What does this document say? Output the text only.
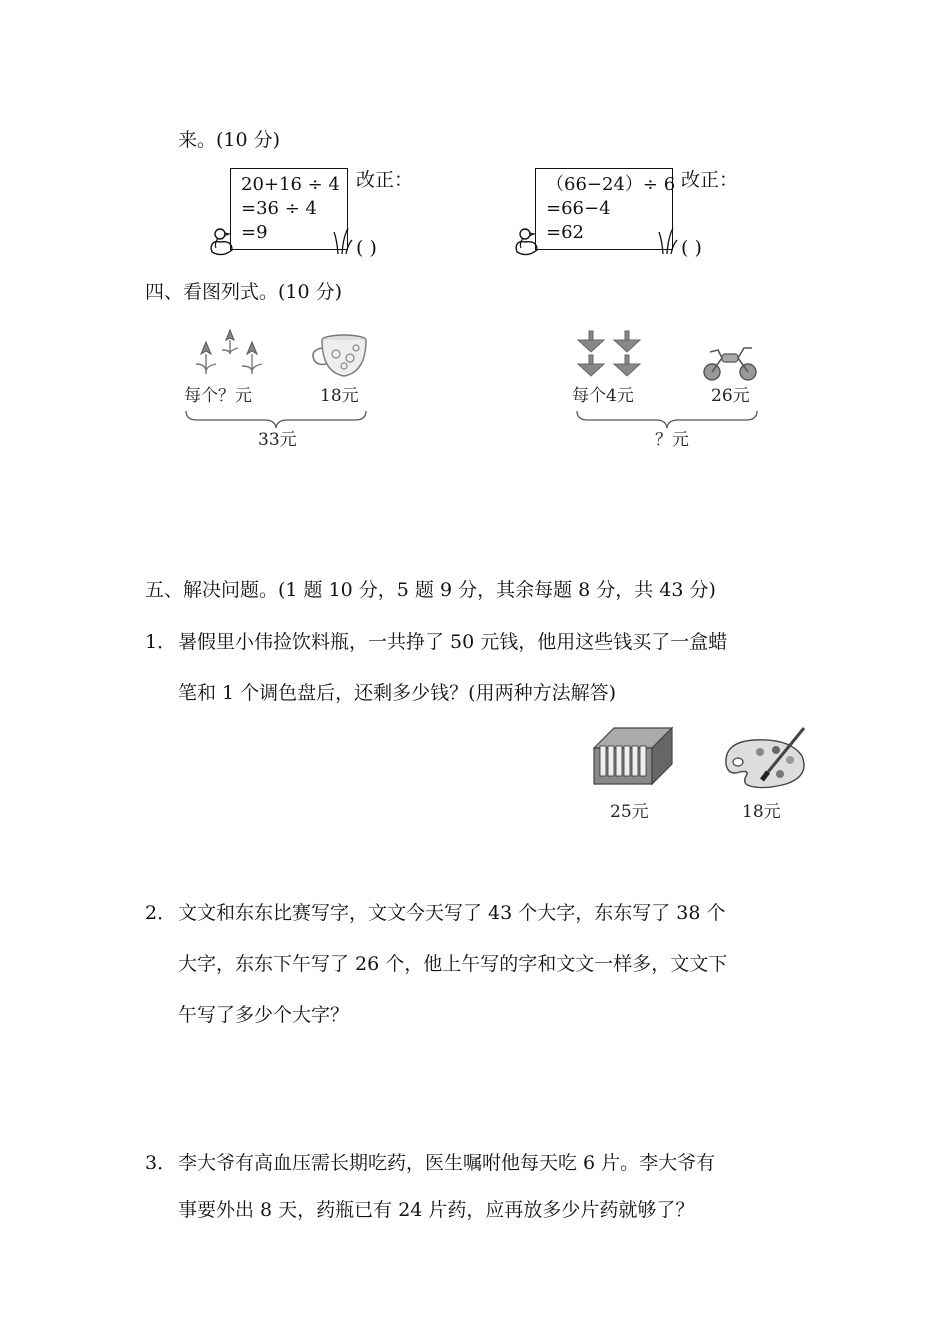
来。(10 分)
20+16 ÷ 4
=36 ÷ 4
=9
改正：
( )
（66−24）÷ 6
=66−4
=62
改正：
( )
四、看图列式。(10 分)
每个？元	18元
33元
每个4元	26元
？元
五、解决问题。(1 题 10 分，5 题 9 分，其余每题 8 分，共 43 分)
1． 暑假里小伟捡饮料瓶，一共挣了 50 元钱，他用这些钱买了一盒蜡
笔和 1 个调色盘后，还剩多少钱？(用两种方法解答)
25元	18元
2． 文文和东东比赛写字，文文今天写了 43 个大字，东东写了 38 个
大字，东东下午写了 26 个，他上午写的字和文文一样多，文文下
午写了多少个大字？
3． 李大爷有高血压需长期吃药，医生嘱咐他每天吃 6 片。李大爷有
事要外出 8 天，药瓶已有 24 片药，应再放多少片药就够了？
